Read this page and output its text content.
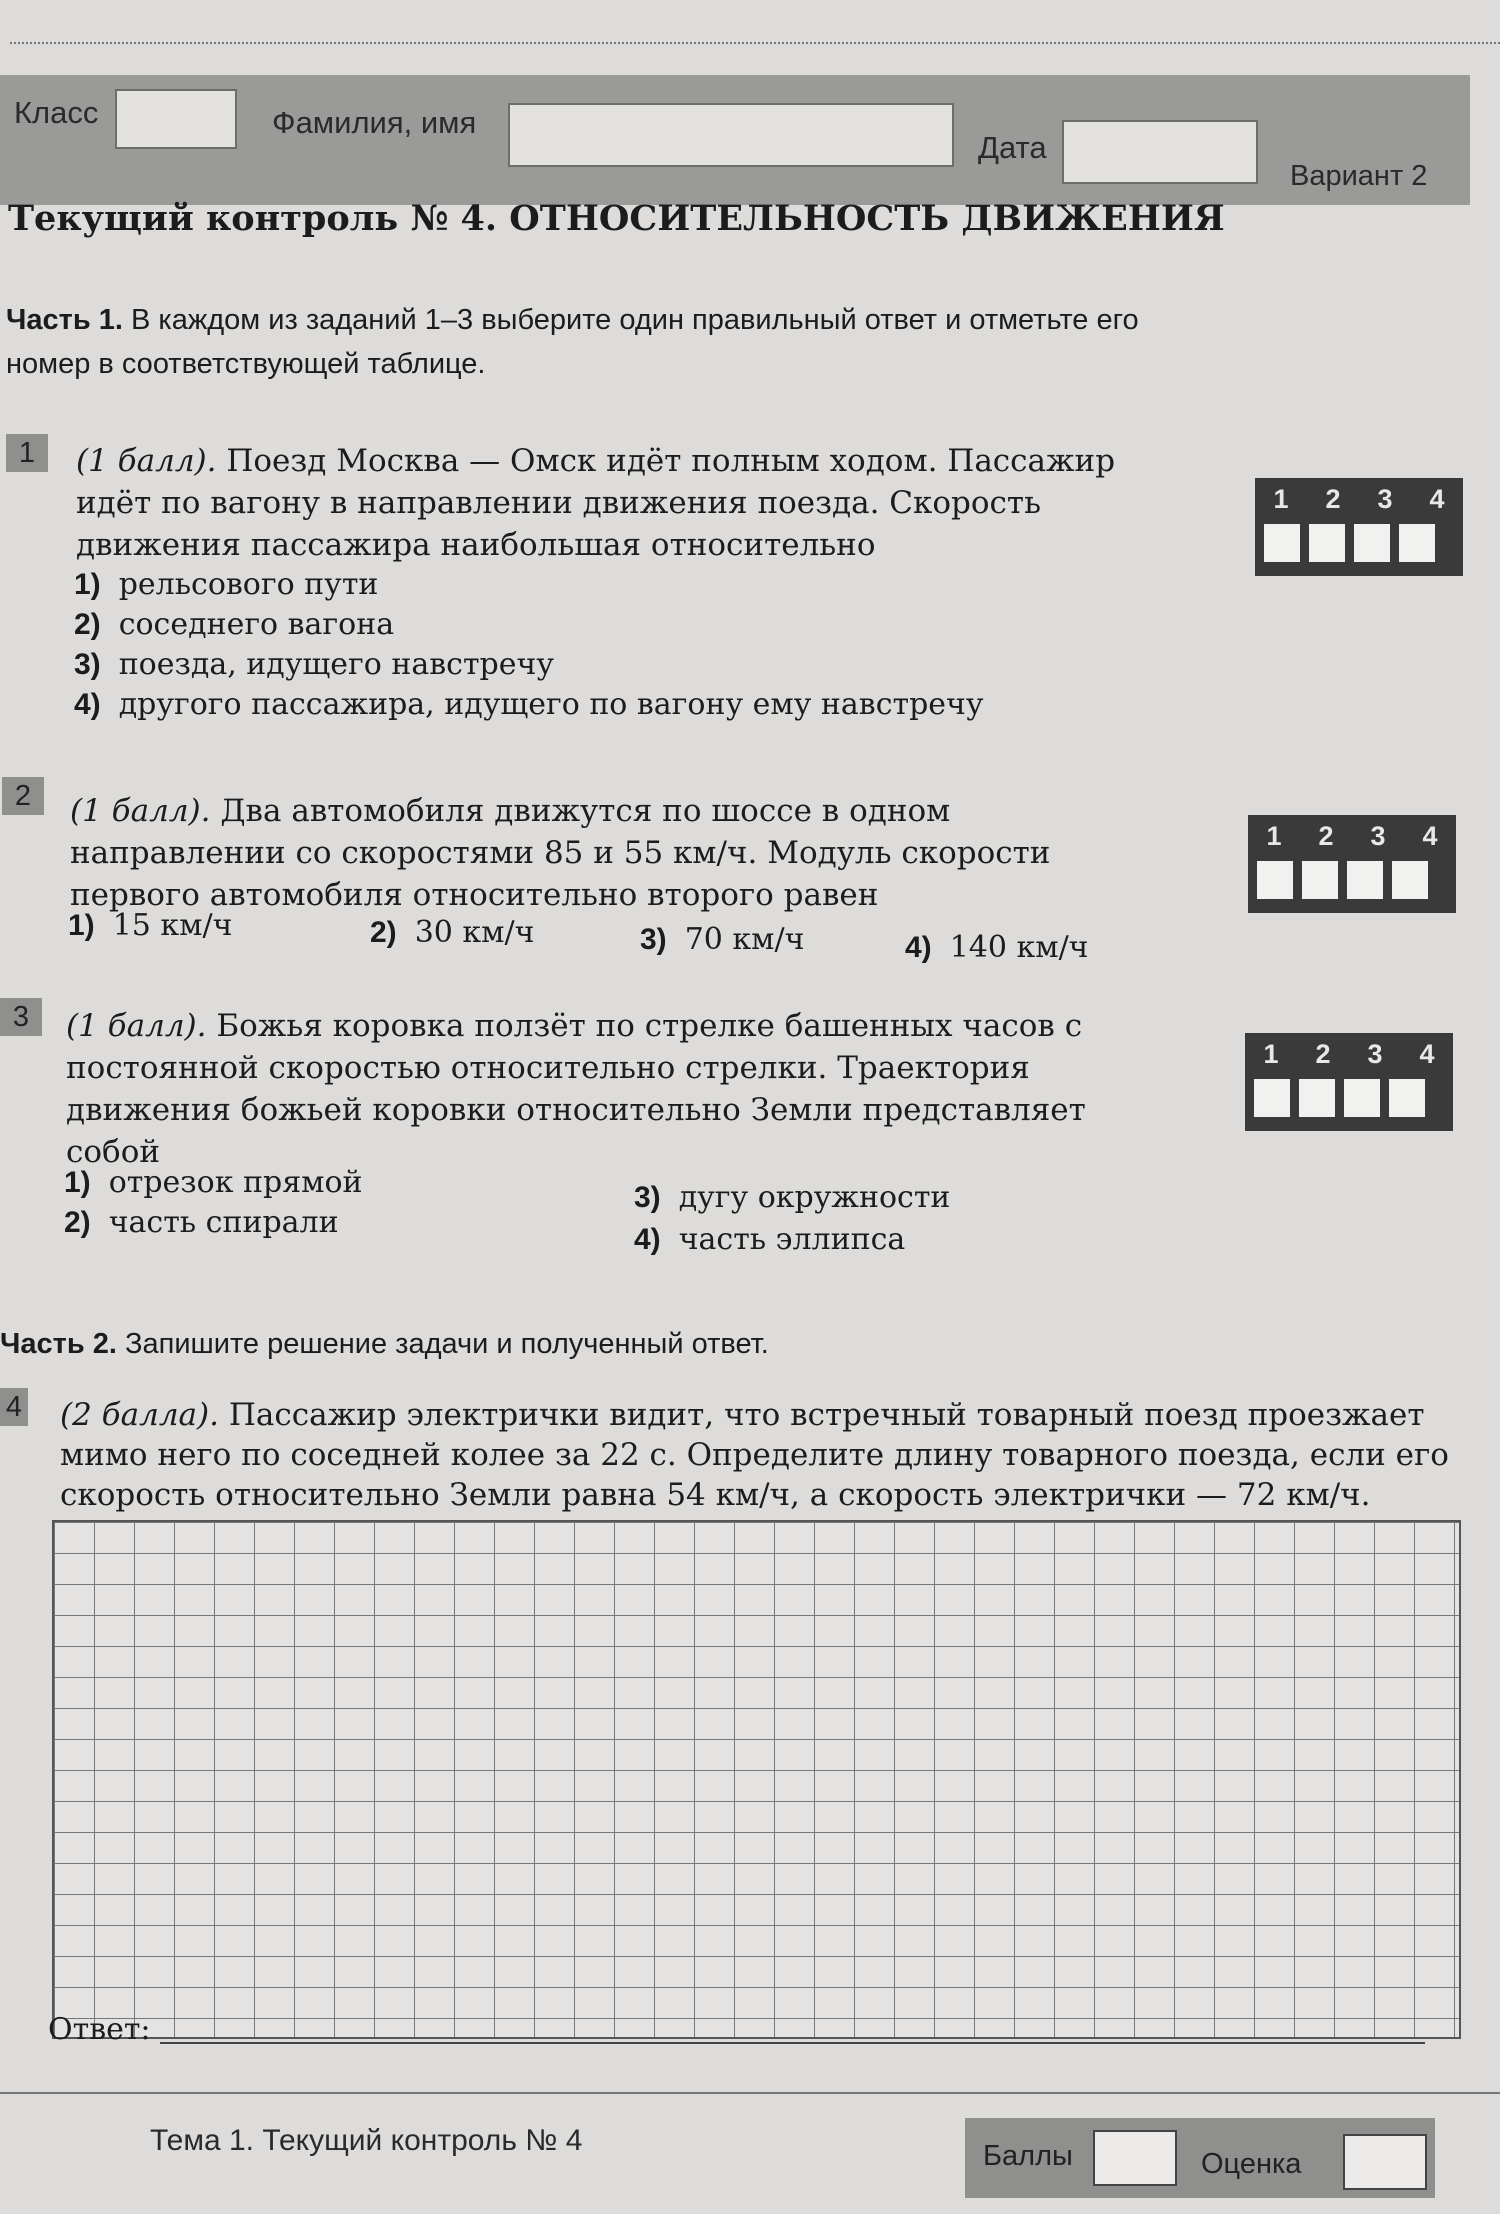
Класс	Фамилия, имя
Дата
Вариант 2
Текущий контроль № 4. ОТНОСИТЕЛЬНОСТЬ ДВИЖЕНИЯ
Часть 1. В каждом из заданий 1–3 выберите один правильный ответ и отметьте его номер в соответствующей таблице.
1	(1 балл). Поезд Москва — Омск идёт полным ходом. Пассажир идёт по вагону в направлении движения поезда. Скорость движения пассажира наибольшая относительно
1) рельсового пути
2) соседнего вагона
3) поезда, идущего навстречу
4) другого пассажира, идущего по вагону ему навстречу
1 2 3 4
2	(1 балл). Два автомобиля движутся по шоссе в одном направлении со скоростями 85 и 55 км/ч. Модуль скорости первого автомобиля относительно второго равен
1) 15 км/ч	2) 30 км/ч	3) 70 км/ч	4) 140 км/ч
1 2 3 4
3	(1 балл). Божья коровка ползёт по стрелке башенных часов с постоянной скоростью относительно стрелки. Траектория движения божьей коровки относительно Земли представляет собой
1) отрезок прямой
2) часть спирали
3) дугу окружности
4) часть эллипса
1 2 3 4
Часть 2. Запишите решение задачи и полученный ответ.
4 (2 балла). Пассажир электрички видит, что встречный товарный поезд проезжает мимо него по соседней колее за 22 с. Определите длину товарного поезда, если его скорость относительно Земли равна 54 км/ч, а скорость электрички — 72 км/ч.
Ответ:
Тема 1. Текущий контроль № 4	Баллы	Оценка
